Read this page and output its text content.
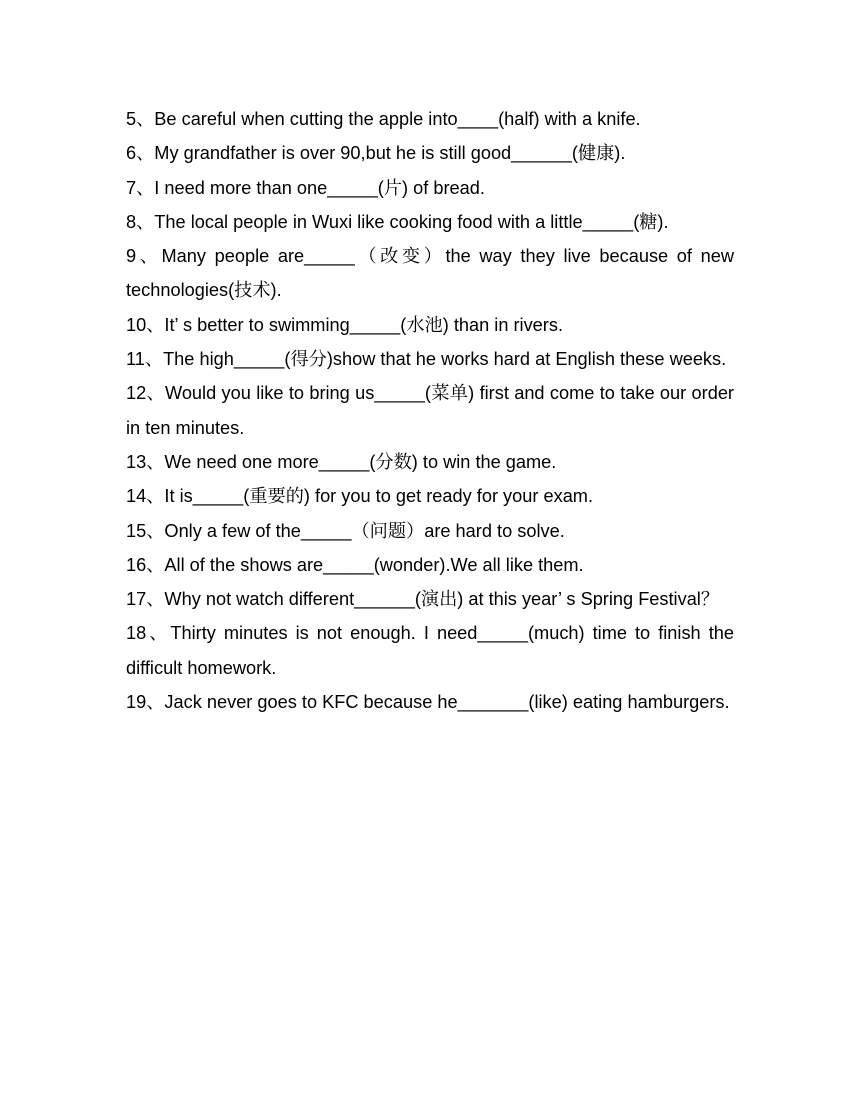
5、Be careful when cutting the apple into____(half) with a knife.

6、My grandfather is over 90,but he is still good______(健康).

7、I need more than one_____(片) of bread.

8、The local people in Wuxi like cooking food with a little_____(糖).

9、Many people are_____（改变）the way they live because of new technologies(技术).

10、It’ s better to swimming_____(水池) than in rivers.

11、The high_____(得分)show that he works hard at English these weeks.

12、Would you like to bring us_____(菜单) first and come to take our order in ten minutes.

13、We need one more_____(分数) to win the game.

14、It is_____(重要的) for you to get ready for your exam.

15、Only a few of the_____（问题）are hard to solve.

16、All of the shows are_____(wonder).We all like them.

17、Why not watch different______(演出) at this year’ s Spring Festival？

18、Thirty minutes is not enough. I need_____(much) time to finish the difficult homework.

19、Jack never goes to KFC because he_______(like) eating hamburgers.
